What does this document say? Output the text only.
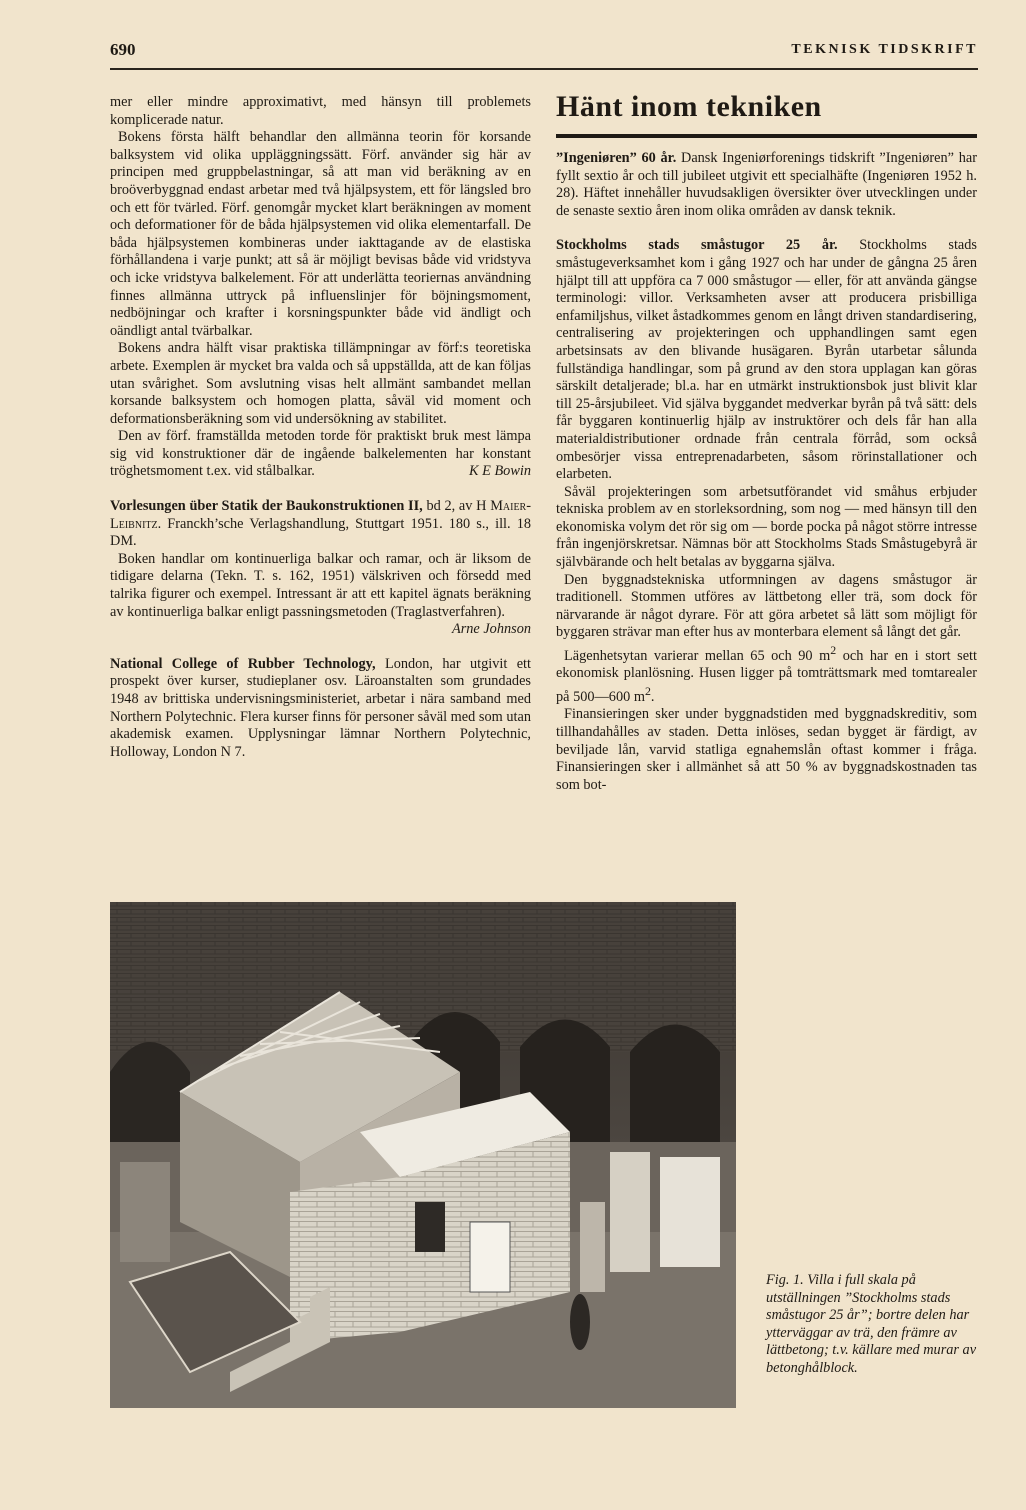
690	TEKNISK TIDSKRIFT

mer eller mindre approximativt, med hänsyn till problemets komplicerade natur.

Bokens första hälft behandlar den allmänna teorin för korsande balksystem vid olika uppläggningssätt. Förf. använder sig här av principen med gruppbelastningar, så att man vid beräkning av en broöverbyggnad endast arbetar med två hjälpsystem, ett för längsled bro och ett för tvärled. Förf. genomgår mycket klart beräkningen av moment och deformationer för de båda hjälpsystemen vid olika elementarfall. De båda hjälpsystemen kombineras under iakttagande av de elastiska förhållandena i varje punkt; att så är möjligt bevisas både vid vridstyva och icke vridstyva balkelement. För att underlätta teoriernas användning finnes allmänna uttryck på influenslinjer för böjningsmoment, nedböjningar och krafter i korsningspunkter både vid ändligt och oändligt antal tvärbalkar.

Bokens andra hälft visar praktiska tillämpningar av förf:s teoretiska arbete. Exemplen är mycket bra valda och så uppställda, att de kan följas utan svårighet. Som avslutning visas helt allmänt sambandet mellan korsande balksystem och homogen platta, såväl vid moment och deformationsberäkning som vid undersökning av stabilitet.

Den av förf. framställda metoden torde för praktiskt bruk mest lämpa sig vid konstruktioner där de ingående balkelementen har konstant tröghetsmoment t.ex. vid stålbalkar.	K E Bowin

Vorlesungen über Statik der Baukonstruktionen II, bd 2, av H Maier-Leibnitz. Franckh’sche Verlagshandlung, Stuttgart 1951. 180 s., ill. 18 DM.

Boken handlar om kontinuerliga balkar och ramar, och är liksom de tidigare delarna (Tekn. T. s. 162, 1951) välskriven och försedd med talrika figurer och exempel. Intressant är att ett kapitel ägnats beräkning av kontinuerliga balkar enligt passningsmetoden (Traglastverfahren).

Arne Johnson

National College of Rubber Technology, London, har utgivit ett prospekt över kurser, studieplaner osv. Läroanstalten som grundades 1948 av brittiska undervisningsministeriet, arbetar i nära samband med Northern Polytechnic. Flera kurser finns för personer såväl med som utan akademisk examen. Upplysningar lämnar Northern Polytechnic, Holloway, London N 7.

Hänt inom tekniken

”Ingeniøren” 60 år. Dansk Ingeniørforenings tidskrift ”Ingeniøren” har fyllt sextio år och till jubileet utgivit ett specialhäfte (Ingeniøren 1952 h. 28). Häftet innehåller huvudsakligen översikter över utvecklingen under de senaste sextio åren inom olika områden av dansk teknik.

Stockholms stads småstugor 25 år. Stockholms stads småstugeverksamhet kom i gång 1927 och har under de gångna 25 åren hjälpt till att uppföra ca 7 000 småstugor — eller, för att använda gängse terminologi: villor. Verksamheten avser att producera prisbilliga enfamiljshus, vilket åstadkommes genom en långt driven standardisering, centralisering av projekteringen och upphandlingen samt egen arbetsinsats av den blivande husägaren. Byrån utarbetar sålunda fullständiga handlingar, som på grund av den stora upplagan kan göras särskilt detaljerade; bl.a. har en utmärkt instruktionsbok just blivit klar till 25-årsjubileet. Vid själva byggandet medverkar byrån på två sätt: dels får byggaren kontinuerlig hjälp av instruktörer och dels får han alla materialdistributioner ordnade från centrala förråd, som också ombesörjer vissa entreprenadarbeten, såsom rörinstallationer och elarbeten.

Såväl projekteringen som arbetsutförandet vid småhus erbjuder tekniska problem av en storleksordning, som nog — med hänsyn till den ekonomiska volym det rör sig om — borde pocka på något större intresse från ingenjörskretsar. Nämnas bör att Stockholms Stads Småstugebyrå är självbärande och helt betalas av byggarna själva.

Den byggnadstekniska utformningen av dagens småstugor är traditionell. Stommen utföres av lättbetong eller trä, som dock för närvarande är något dyrare. För att göra arbetet så lätt som möjligt för byggaren strävar man efter hus av monterbara element så långt det går.

Lägenhetsytan varierar mellan 65 och 90 $m^2$ och har en i stort sett ekonomisk planlösning. Husen ligger på tomträttsmark med tomtarealer på 500—600 $m^2$.

Finansieringen sker under byggnadstiden med byggnadskreditiv, som tillhandahålles av staden. Detta inlöses, sedan bygget är färdigt, av beviljade lån, varvid statliga egnahemslån oftast kommer i fråga. Finansieringen sker i allmänhet så att 50 % av byggnadskostnaden tas som bot-

Fig. 1. Villa i full skala på utställningen ”Stockholms stads småstugor 25 år”; bortre delen har ytterväggar av trä, den främre av lättbetong; t.v. källare med murar av betonghålblock.
